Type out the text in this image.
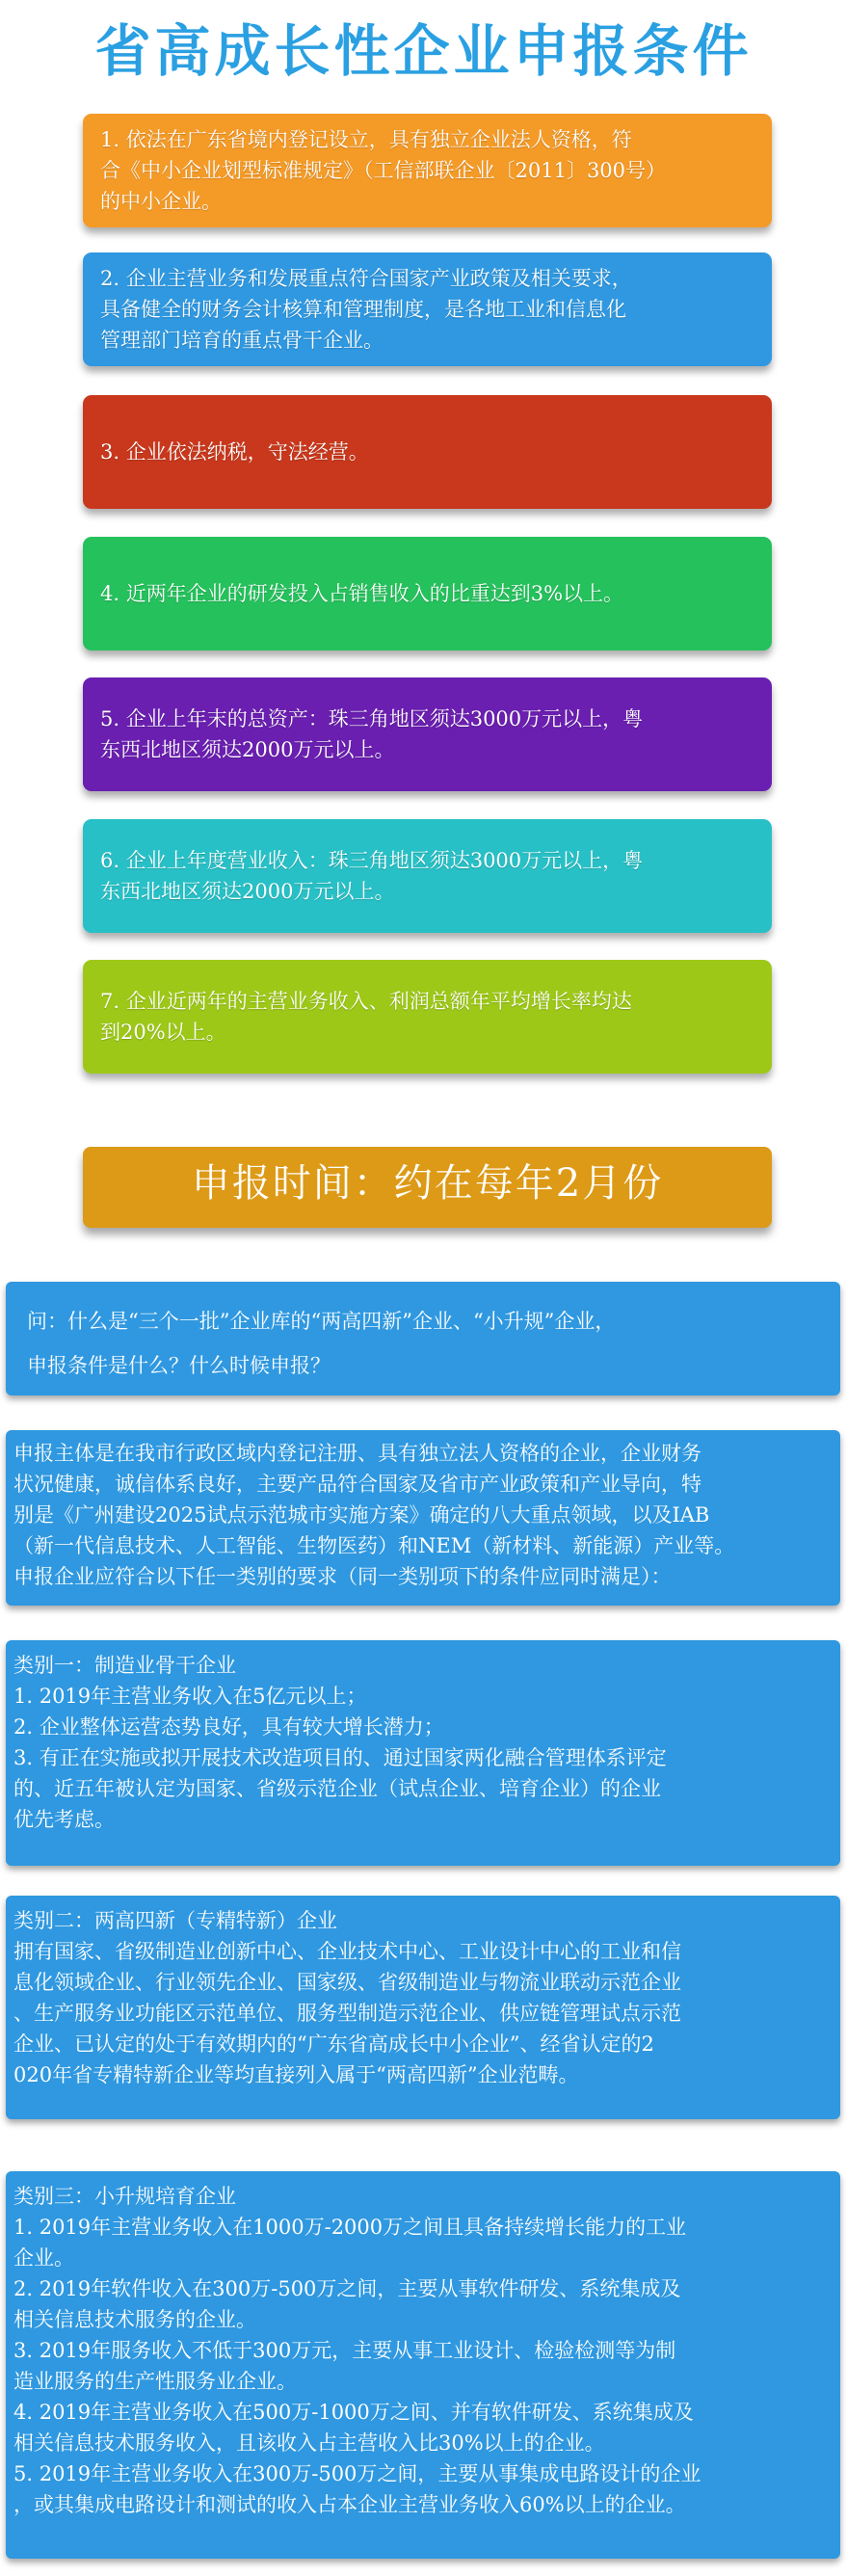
省高成长性企业申报条件
1. 依法在广东省境内登记设立，具有独立企业法人资格，符
合《中小企业划型标准规定》（工信部联企业〔2011〕300号）
的中小企业。
2. 企业主营业务和发展重点符合国家产业政策及相关要求，
具备健全的财务会计核算和管理制度，是各地工业和信息化
管理部门培育的重点骨干企业。
3. 企业依法纳税，守法经营。
4. 近两年企业的研发投入占销售收入的比重达到3%以上。
5. 企业上年末的总资产：珠三角地区须达3000万元以上，粤
东西北地区须达2000万元以上。
6. 企业上年度营业收入：珠三角地区须达3000万元以上，粤
东西北地区须达2000万元以上。
7. 企业近两年的主营业务收入、利润总额年平均增长率均达
到20%以上。
申报时间：约在每年2月份
问：什么是“三个一批”企业库的“两高四新”企业、“小升规”企业，
申报条件是什么？什么时候申报？
申报主体是在我市行政区域内登记注册、具有独立法人资格的企业，企业财务
状况健康，诚信体系良好，主要产品符合国家及省市产业政策和产业导向，特
别是《广州建设2025试点示范城市实施方案》确定的八大重点领域，以及IAB
（新一代信息技术、人工智能、生物医药）和NEM（新材料、新能源）产业等。
申报企业应符合以下任一类别的要求（同一类别项下的条件应同时满足）：
类别一：制造业骨干企业
1. 2019年主营业务收入在5亿元以上；
2. 企业整体运营态势良好，具有较大增长潜力；
3. 有正在实施或拟开展技术改造项目的、通过国家两化融合管理体系评定
的、近五年被认定为国家、省级示范企业（试点企业、培育企业）的企业
优先考虑。
类别二：两高四新（专精特新）企业
拥有国家、省级制造业创新中心、企业技术中心、工业设计中心的工业和信
息化领域企业、行业领先企业、国家级、省级制造业与物流业联动示范企业
、生产服务业功能区示范单位、服务型制造示范企业、供应链管理试点示范
企业、已认定的处于有效期内的“广东省高成长中小企业”、经省认定的2
020年省专精特新企业等均直接列入属于“两高四新”企业范畴。
类别三：小升规培育企业
1. 2019年主营业务收入在1000万-2000万之间且具备持续增长能力的工业
企业。
2. 2019年软件收入在300万-500万之间，主要从事软件研发、系统集成及
相关信息技术服务的企业。
3. 2019年服务收入不低于300万元，主要从事工业设计、检验检测等为制
造业服务的生产性服务业企业。
4. 2019年主营业务收入在500万-1000万之间、并有软件研发、系统集成及
相关信息技术服务收入，且该收入占主营收入比30%以上的企业。
5. 2019年主营业务收入在300万-500万之间，主要从事集成电路设计的企业
，或其集成电路设计和测试的收入占本企业主营业务收入60%以上的企业。
